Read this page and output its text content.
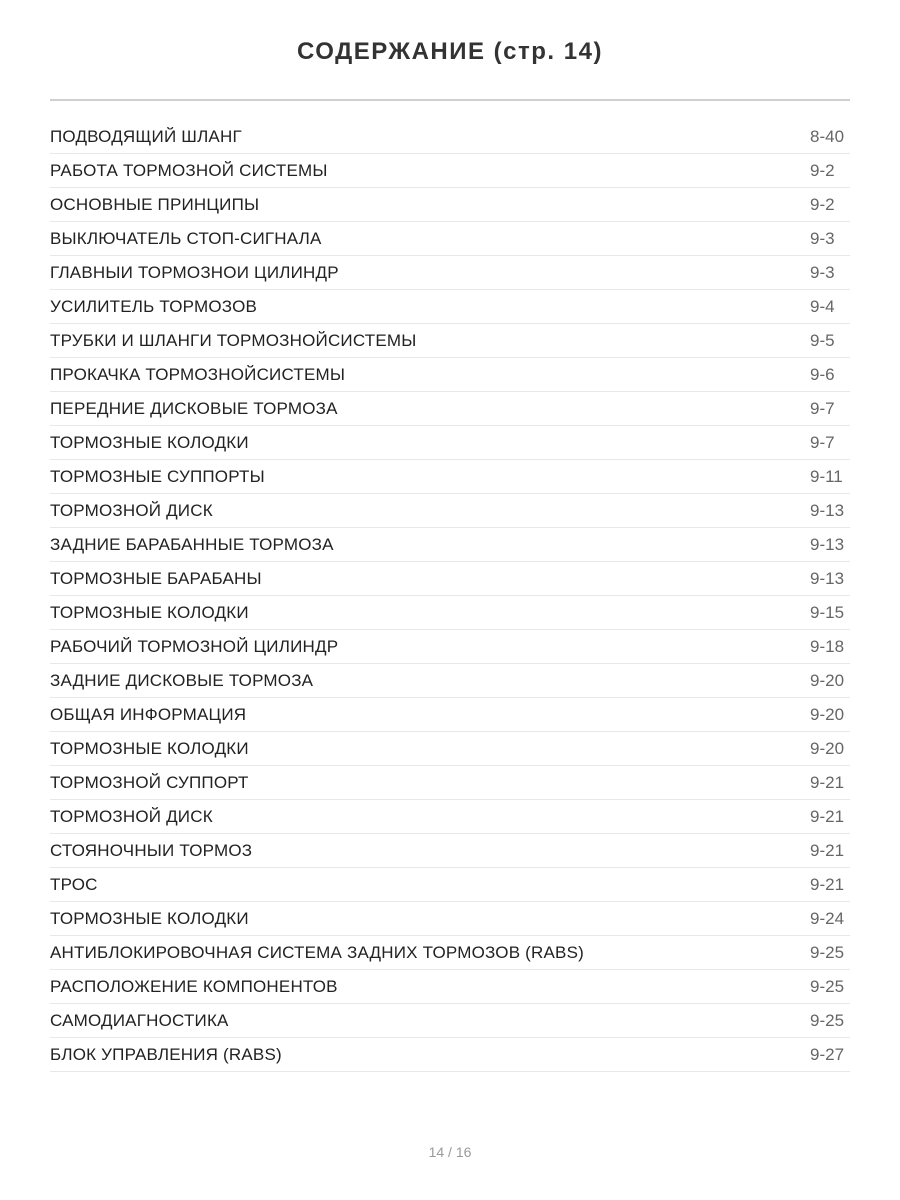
СОДЕРЖАНИЕ (стр. 14)
ПОДВОДЯЩИЙ ШЛАНГ	8-40
РАБОТА ТОРМОЗНОЙ СИСТЕМЫ	9-2
ОСНОВНЫЕ ПРИНЦИПЫ	9-2
ВЫКЛЮЧАТЕЛЬ СТОП-СИГНАЛА	9-3
ГЛАВНЫИ ТОРМОЗНОИ ЦИЛИНДР	9-3
УСИЛИТЕЛЬ ТОРМОЗОВ	9-4
ТРУБКИ И ШЛАНГИ ТОРМОЗНОЙСИСТЕМЫ	9-5
ПРОКАЧКА ТОРМОЗНОЙСИСТЕМЫ	9-6
ПЕРЕДНИЕ ДИСКОВЫЕ ТОРМОЗА	9-7
ТОРМОЗНЫЕ КОЛОДКИ	9-7
ТОРМОЗНЫЕ СУППОРТЫ	9-11
ТОРМОЗНОЙ ДИСК	9-13
ЗАДНИЕ БАРАБАННЫЕ ТОРМОЗА	9-13
ТОРМОЗНЫЕ БАРАБАНЫ	9-13
ТОРМОЗНЫЕ КОЛОДКИ	9-15
РАБОЧИЙ ТОРМОЗНОЙ ЦИЛИНДР	9-18
ЗАДНИЕ ДИСКОВЫЕ ТОРМОЗА	9-20
ОБЩАЯ ИНФОРМАЦИЯ	9-20
ТОРМОЗНЫЕ КОЛОДКИ	9-20
ТОРМОЗНОЙ СУППОРТ	9-21
ТОРМОЗНОЙ ДИСК	9-21
СТОЯНОЧНЫИ ТОРМОЗ	9-21
ТРОС	9-21
ТОРМОЗНЫЕ КОЛОДКИ	9-24
АНТИБЛОКИРОВОЧНАЯ СИСТЕМА ЗАДНИХ ТОРМОЗОВ (RABS)	9-25
РАСПОЛОЖЕНИЕ КОМПОНЕНТОВ	9-25
САМОДИАГНОСТИКА	9-25
БЛОК УПРАВЛЕНИЯ (RABS)	9-27
14 / 16
